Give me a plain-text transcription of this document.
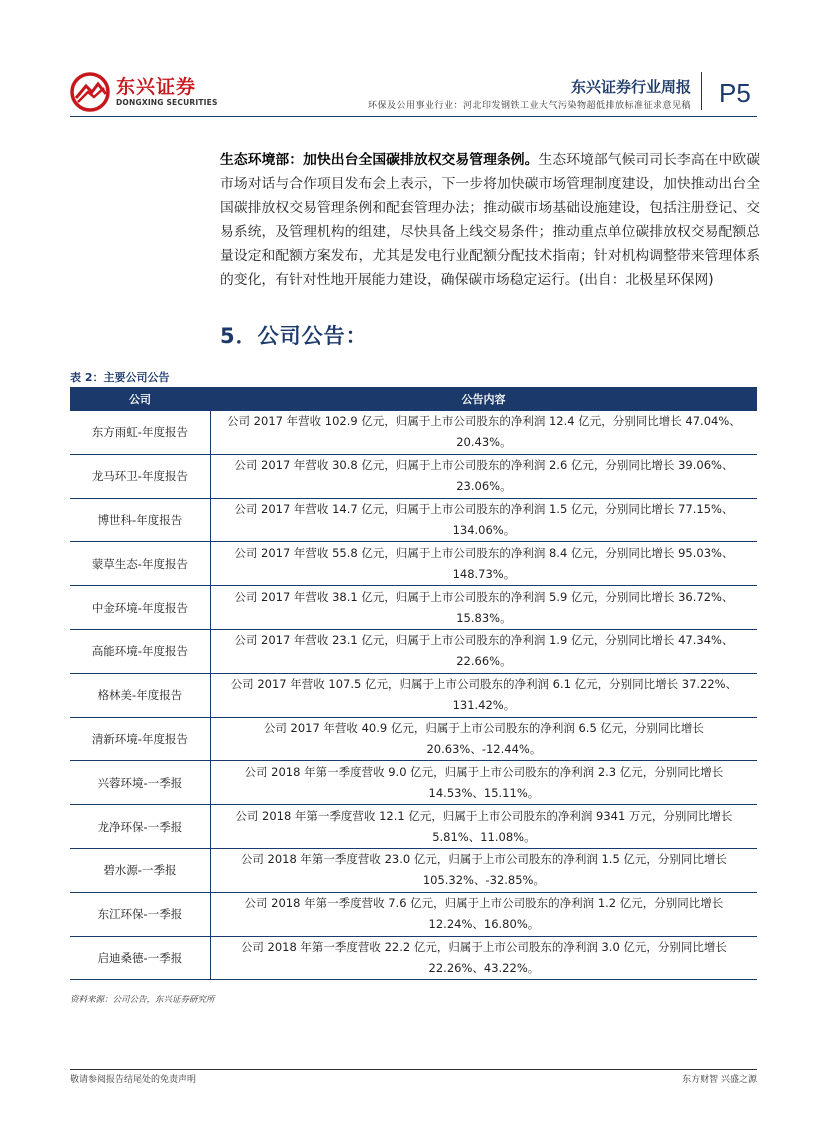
东兴证券
DONGXING SECURITIES
东兴证券行业周报
环保及公用事业行业：河北印发钢铁工业大气污染物超低排放标准征求意见稿 P5
生态环境部：加快出台全国碳排放权交易管理条例。生态环境部气候司司长李高在中欧碳市场对话与合作项目发布会上表示，下一步将加快碳市场管理制度建设，加快推动出台全国碳排放权交易管理条例和配套管理办法；推动碳市场基础设施建设，包括注册登记、交易系统，及管理机构的组建，尽快具备上线交易条件；推动重点单位碳排放权交易配额总量设定和配额方案发布，尤其是发电行业配额分配技术指南；针对机构调整带来管理体系的变化，有针对性地开展能力建设，确保碳市场稳定运行。(出自：北极星环保网)
5．公司公告：
表 2：主要公司公告
公司	公告内容
东方雨虹-年度报告
公司 2017 年营收 102.9 亿元，归属于上市公司股东的净利润 12.4 亿元，分别同比增长 47.04%、20.43%。
龙马环卫-年度报告
公司 2017 年营收 30.8 亿元，归属于上市公司股东的净利润 2.6 亿元，分别同比增长 39.06%、23.06%。
博世科-年度报告
公司 2017 年营收 14.7 亿元，归属于上市公司股东的净利润 1.5 亿元，分别同比增长 77.15%、134.06%。
蒙草生态-年度报告
公司 2017 年营收 55.8 亿元，归属于上市公司股东的净利润 8.4 亿元，分别同比增长 95.03%、148.73%。
中金环境-年度报告
公司 2017 年营收 38.1 亿元，归属于上市公司股东的净利润 5.9 亿元，分别同比增长 36.72%、15.83%。
高能环境-年度报告
公司 2017 年营收 23.1 亿元，归属于上市公司股东的净利润 1.9 亿元，分别同比增长 47.34%、22.66%。
格林美-年度报告
公司 2017 年营收 107.5 亿元，归属于上市公司股东的净利润 6.1 亿元，分别同比增长 37.22%、131.42%。
清新环境-年度报告
公司 2017 年营收 40.9 亿元，归属于上市公司股东的净利润 6.5 亿元，分别同比增长 20.63%、-12.44%。
兴蓉环境-一季报
公司 2018 年第一季度营收 9.0 亿元，归属于上市公司股东的净利润 2.3 亿元，分别同比增长 14.53%、15.11%。
龙净环保-一季报
公司 2018 年第一季度营收 12.1 亿元，归属于上市公司股东的净利润 9341 万元，分别同比增长 5.81%、11.08%。
碧水源-一季报
公司 2018 年第一季度营收 23.0 亿元，归属于上市公司股东的净利润 1.5 亿元，分别同比增长 105.32%、-32.85%。
东江环保-一季报
公司 2018 年第一季度营收 7.6 亿元，归属于上市公司股东的净利润 1.2 亿元，分别同比增长 12.24%、16.80%。
启迪桑德-一季报
公司 2018 年第一季度营收 22.2 亿元，归属于上市公司股东的净利润 3.0 亿元，分别同比增长 22.26%、43.22%。
资料来源：公司公告，东兴证券研究所
敬请参阅报告结尾处的免责声明	东方财智 兴盛之源
